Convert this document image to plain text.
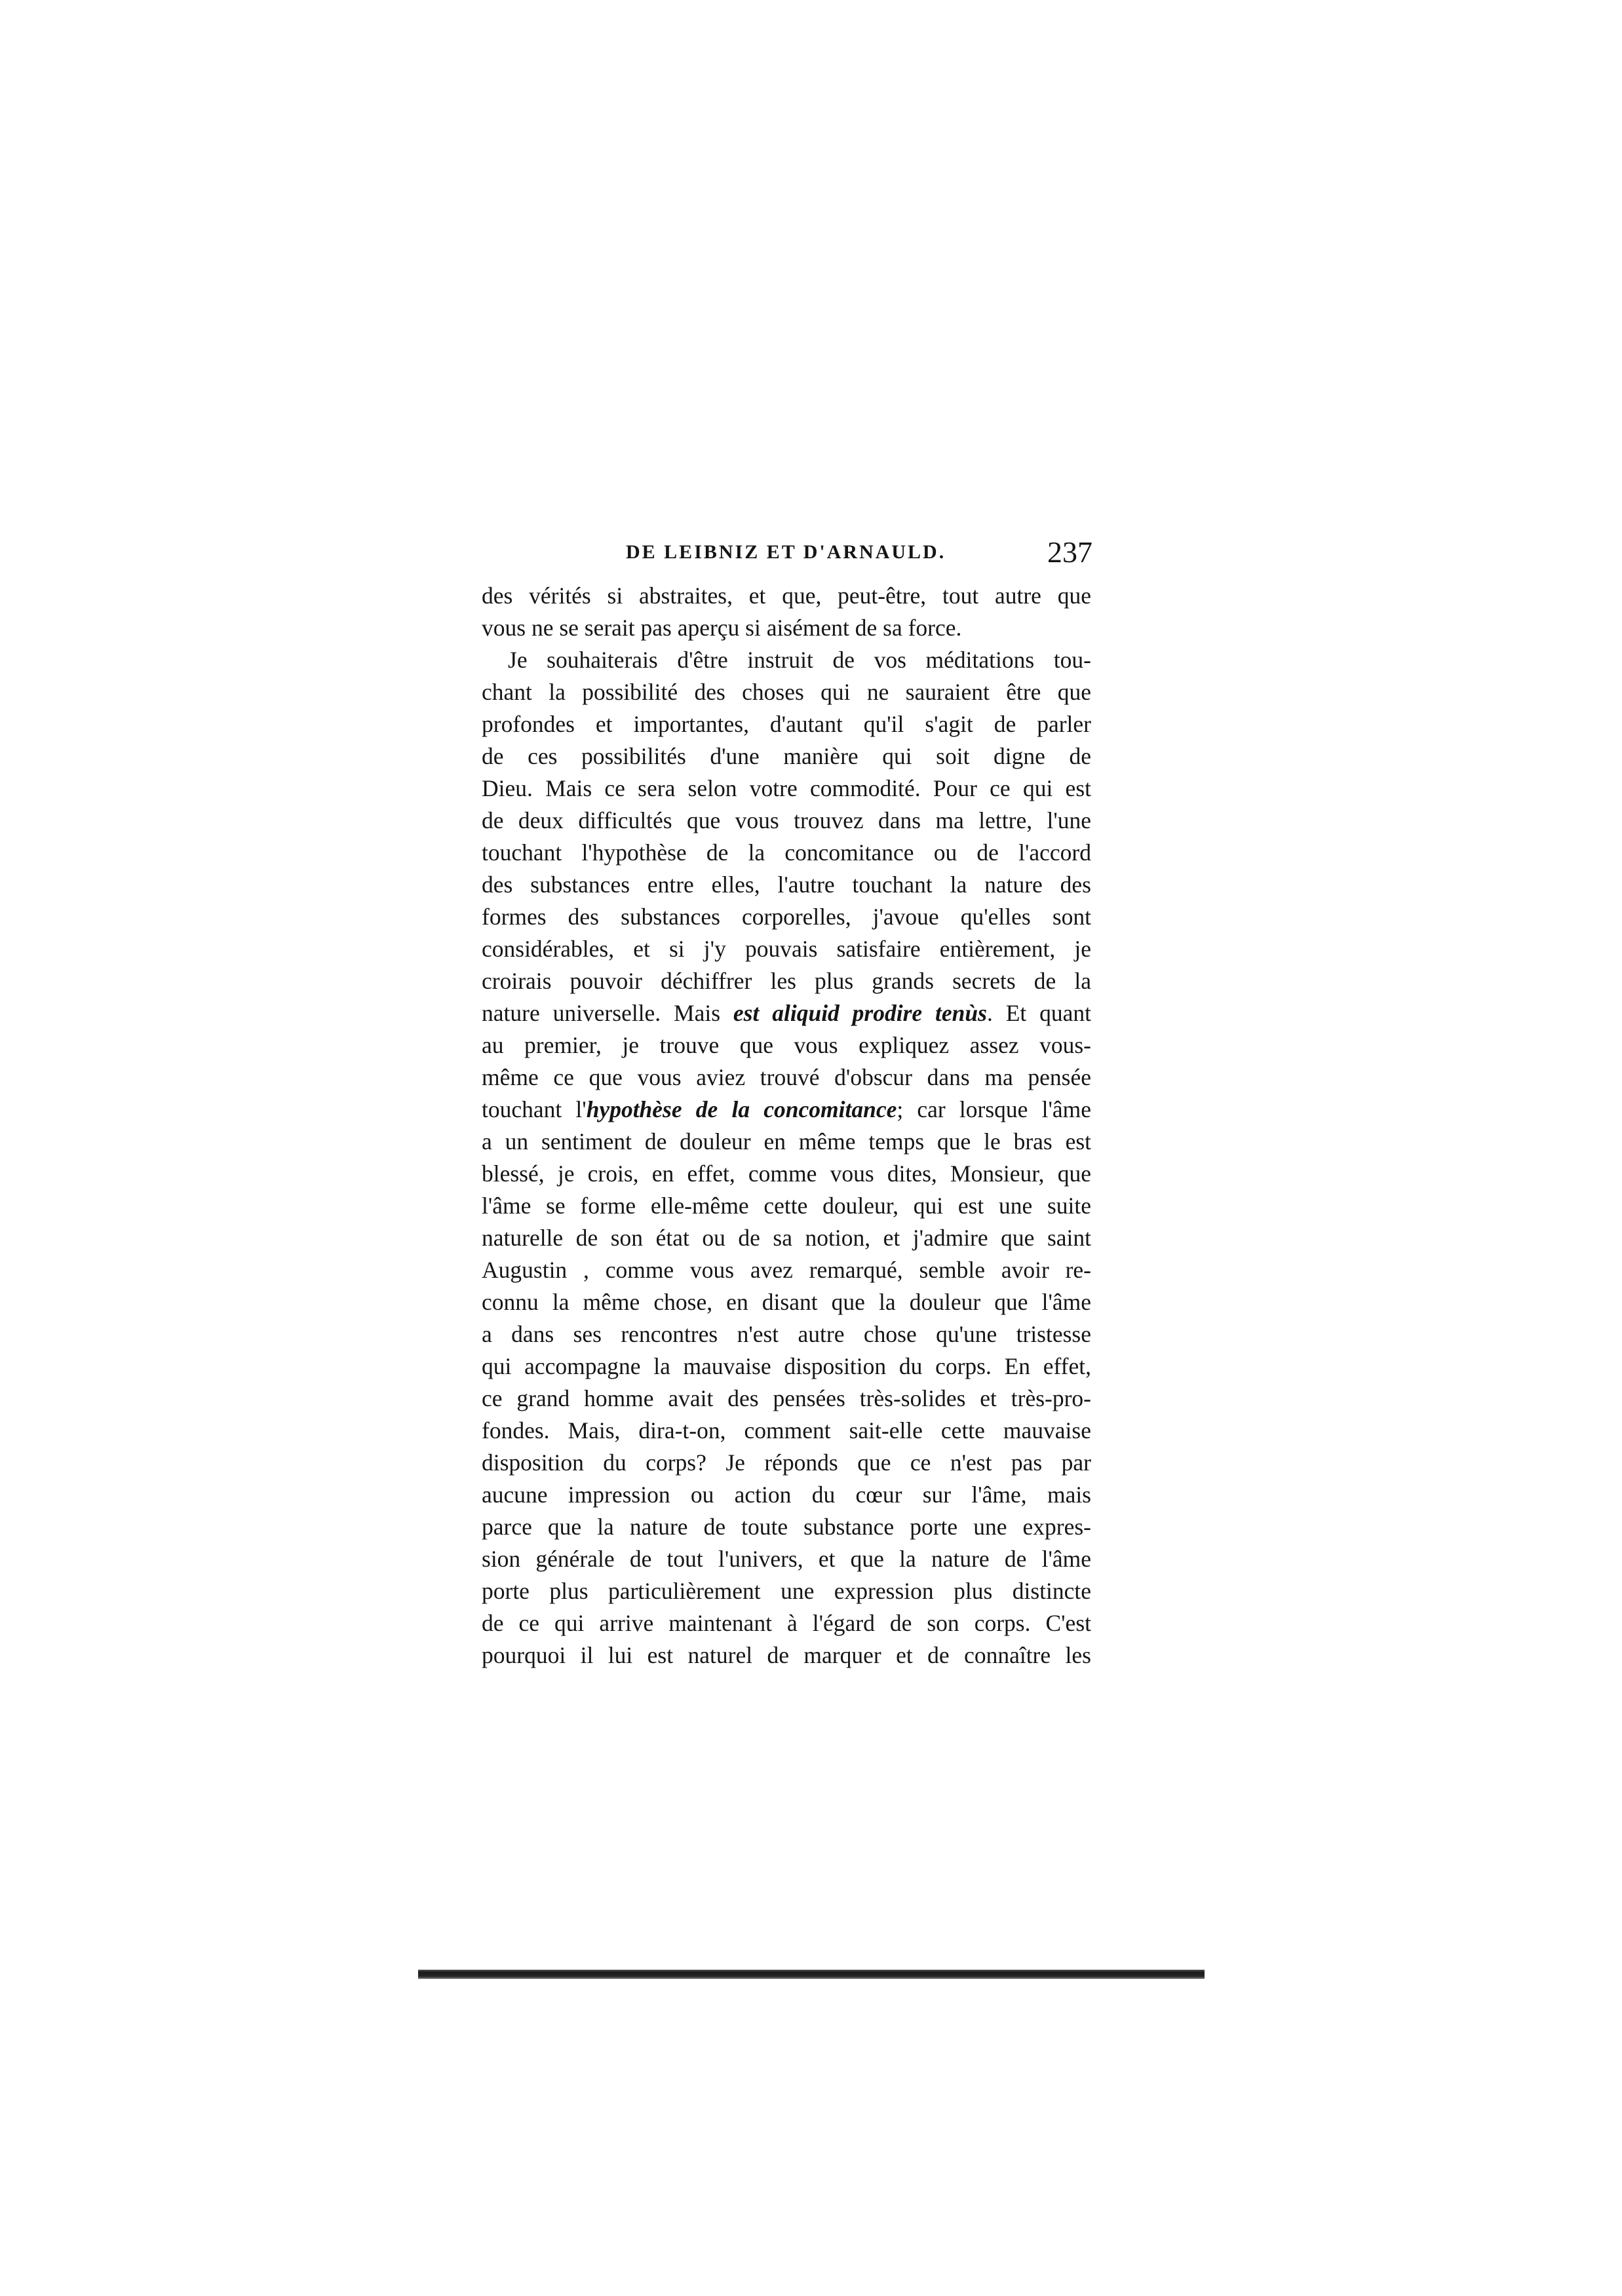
DE LEIBNIZ ET D'ARNAULD.	237
des vérités si abstraites, et que, peut-être, tout autre que
vous ne se serait pas aperçu si aisément de sa force.
Je souhaiterais d'être instruit de vos méditations tou-
chant la possibilité des choses qui ne sauraient être que
profondes et importantes, d'autant qu'il s'agit de parler
de ces possibilités d'une manière qui soit digne de
Dieu. Mais ce sera selon votre commodité. Pour ce qui est
de deux difficultés que vous trouvez dans ma lettre, l'une
touchant l'hypothèse de la concomitance ou de l'accord
des substances entre elles, l'autre touchant la nature des
formes des substances corporelles, j'avoue qu'elles sont
considérables, et si j'y pouvais satisfaire entièrement, je
croirais pouvoir déchiffrer les plus grands secrets de la
nature universelle. Mais est aliquid prodire tenùs. Et quant
au premier, je trouve que vous expliquez assez vous-
même ce que vous aviez trouvé d'obscur dans ma pensée
touchant l'hypothèse de la concomitance; car lorsque l'âme
a un sentiment de douleur en même temps que le bras est
blessé, je crois, en effet, comme vous dites, Monsieur, que
l'âme se forme elle-même cette douleur, qui est une suite
naturelle de son état ou de sa notion, et j'admire que saint
Augustin , comme vous avez remarqué, semble avoir re-
connu la même chose, en disant que la douleur que l'âme
a dans ses rencontres n'est autre chose qu'une tristesse
qui accompagne la mauvaise disposition du corps. En effet,
ce grand homme avait des pensées très-solides et très-pro-
fondes. Mais, dira-t-on, comment sait-elle cette mauvaise
disposition du corps? Je réponds que ce n'est pas par
aucune impression ou action du cœur sur l'âme, mais
parce que la nature de toute substance porte une expres-
sion générale de tout l'univers, et que la nature de l'âme
porte plus particulièrement une expression plus distincte
de ce qui arrive maintenant à l'égard de son corps. C'est
pourquoi il lui est naturel de marquer et de connaître les
